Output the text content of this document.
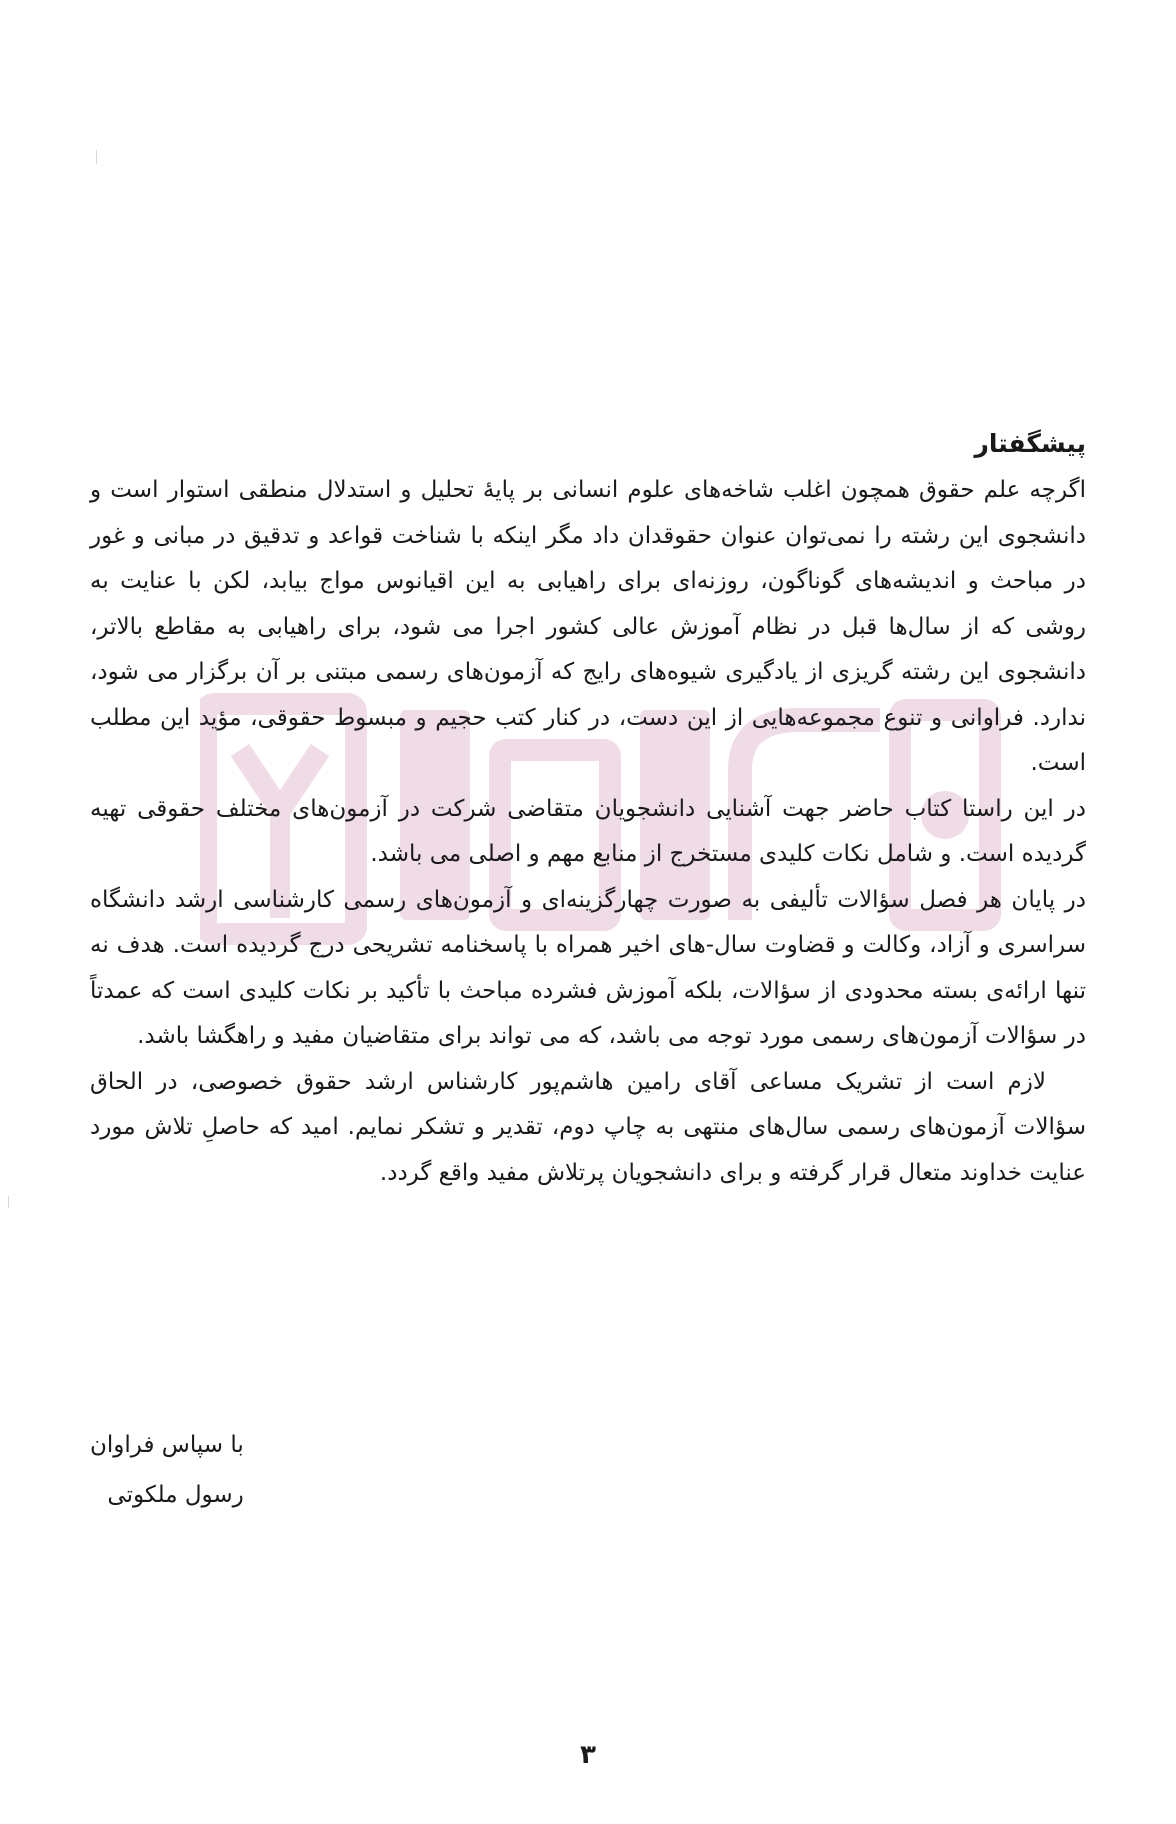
پیشگفتار

اگرچه علم حقوق همچون اغلب شاخه‌های علوم انسانی بر پایهٔ تحلیل و استدلال منطقی استوار است و دانشجوی این رشته را نمی‌توان عنوان حقوقدان داد مگر اینکه با شناخت قواعد و تدقیق در مبانی و غور در مباحث و اندیشه‌های گوناگون، روزنه‌ای برای راهیابی به این اقیانوس مواج بیابد، لکن با عنایت به روشی که از سال‌ها قبل در نظام آموزش عالی کشور اجرا می شود، برای راهیابی به مقاطع بالاتر، دانشجوی این رشته گریزی از یادگیری شیوه‌های رایج که آزمون‌های رسمی مبتنی بر آن برگزار می شود، ندارد. فراوانی و تنوع مجموعه‌هایی از این دست، در کنار کتب حجیم و مبسوط حقوقی، مؤید این مطلب است.

در این راستا کتاب حاضر جهت آشنایی دانشجویان متقاضی شرکت در آزمون‌های مختلف حقوقی تهیه گردیده است. و شامل نکات کلیدی مستخرج از منابع مهم و اصلی می باشد.

در پایان هر فصل سؤالات تألیفی به صورت چهارگزینه‌ای و آزمون‌های رسمی کارشناسی ارشد دانشگاه سراسری و آزاد، وکالت و قضاوت سال-های اخیر همراه با پاسخنامه تشریحی درج گردیده است. هدف نه تنها ارائه‌ی بسته محدودی از سؤالات، بلکه آموزش فشرده مباحث با تأکید بر نکات کلیدی است که عمدتاً در سؤالات آزمون‌های رسمی مورد توجه می باشد، که می تواند برای متقاضیان مفید و راهگشا باشد.

لازم است از تشریک مساعی آقای رامین هاشم‌پور کارشناس ارشد حقوق خصوصی، در الحاق سؤالات آزمون‌های رسمی سال‌های منتهی به چاپ دوم، تقدیر و تشکر نمایم. امید که حاصلِ تلاش مورد عنایت خداوند متعال قرار گرفته و برای دانشجویان پرتلاش مفید واقع گردد.

با سپاس فراوان
رسول ملکوتی
۳
